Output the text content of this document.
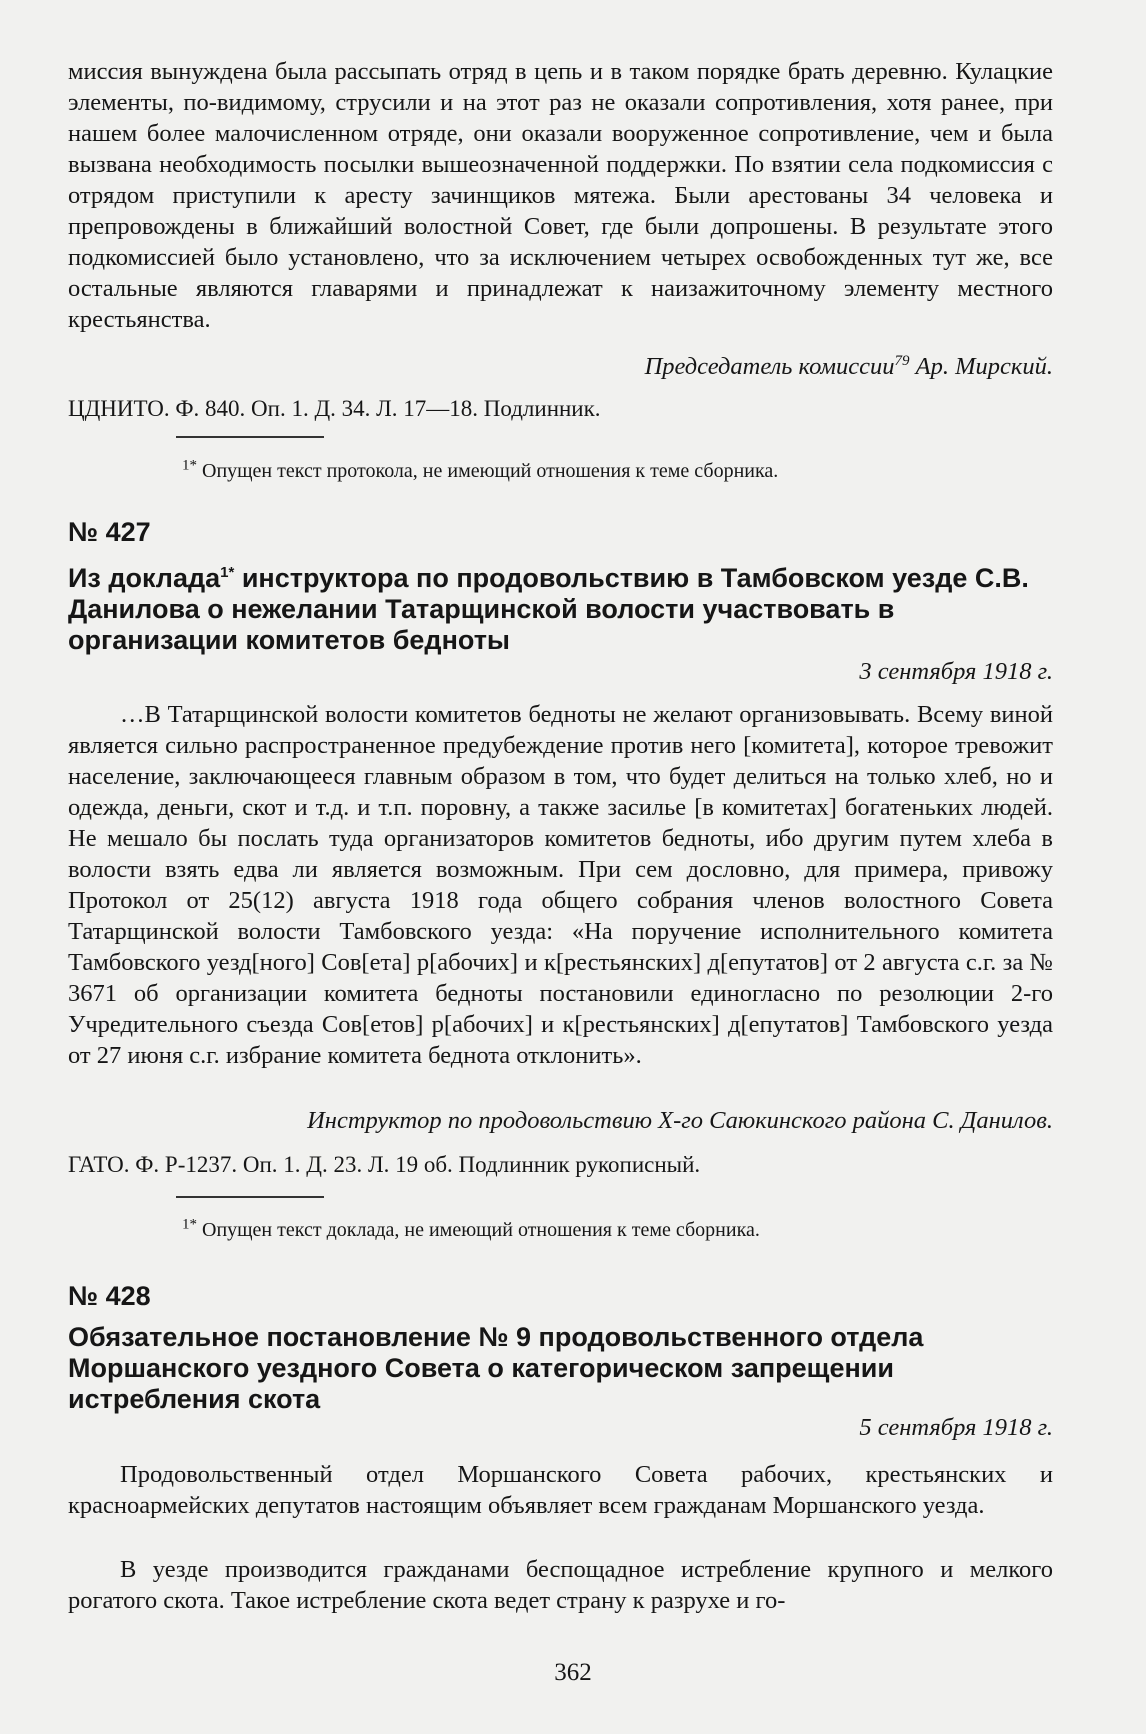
миссия вынуждена была рассыпать отряд в цепь и в таком порядке брать деревню. Кулацкие элементы, по-видимому, струсили и на этот раз не оказали сопротивления, хотя ранее, при нашем более малочисленном отряде, они оказали вооруженное сопротивление, чем и была вызвана необходимость посылки вышеозначенной поддержки. По взятии села подкомиссия с отрядом приступили к аресту зачинщиков мятежа. Были арестованы 34 человека и препровождены в ближайший волостной Совет, где были допрошены. В результате этого подкомиссией было установлено, что за исключением четырех освобожденных тут же, все остальные являются главарями и принадлежат к наизажиточному элементу местного крестьянства.

Председатель комиссии$^{79}$ Ар. Мирский.

ЦДНИТО. Ф. 840. Оп. 1. Д. 34. Л. 17—18. Подлинник.

$^{1*}$ Опущен текст протокола, не имеющий отношения к теме сборника.

№ 427

Из доклада$^{1*}$ инструктора по продовольствию в Тамбовском уезде С.В. Данилова о нежелании Татарщинской волости участвовать в организации комитетов бедноты

3 сентября 1918 г.

…В Татарщинской волости комитетов бедноты не желают организовывать. Всему виной является сильно распространенное предубеждение против него [комитета], которое тревожит население, заключающееся главным образом в том, что будет делиться на только хлеб, но и одежда, деньги, скот и т.д. и т.п. поровну, а также засилье [в комитетах] богатеньких людей. Не мешало бы послать туда организаторов комитетов бедноты, ибо другим путем хлеба в волости взять едва ли является возможным. При сем дословно, для примера, привожу Протокол от 25(12) августа 1918 года общего собрания членов волостного Совета Татарщинской волости Тамбовского уезда: «На поручение исполнительного комитета Тамбовского уезд[ного] Сов[ета] р[абочих] и к[рестьянских] д[епутатов] от 2 августа с.г. за № 3671 об организации комитета бедноты постановили единогласно по резолюции 2-го Учредительного съезда Сов[етов] р[абочих] и к[рестьянских] д[епутатов] Тамбовского уезда от 27 июня с.г. избрание комитета беднота отклонить».

Инструктор по продовольствию Х-го Саюкинского района С. Данилов.

ГАТО. Ф. Р-1237. Оп. 1. Д. 23. Л. 19 об. Подлинник рукописный.

$^{1*}$ Опущен текст доклада, не имеющий отношения к теме сборника.

№ 428

Обязательное постановление № 9 продовольственного отдела Моршанского уездного Совета о категорическом запрещении истребления скота

5 сентября 1918 г.

Продовольственный отдел Моршанского Совета рабочих, крестьянских и красноармейских депутатов настоящим объявляет всем гражданам Моршанского уезда.

В уезде производится гражданами беспощадное истребление крупного и мелкого рогатого скота. Такое истребление скота ведет страну к разрухе и го-

362
